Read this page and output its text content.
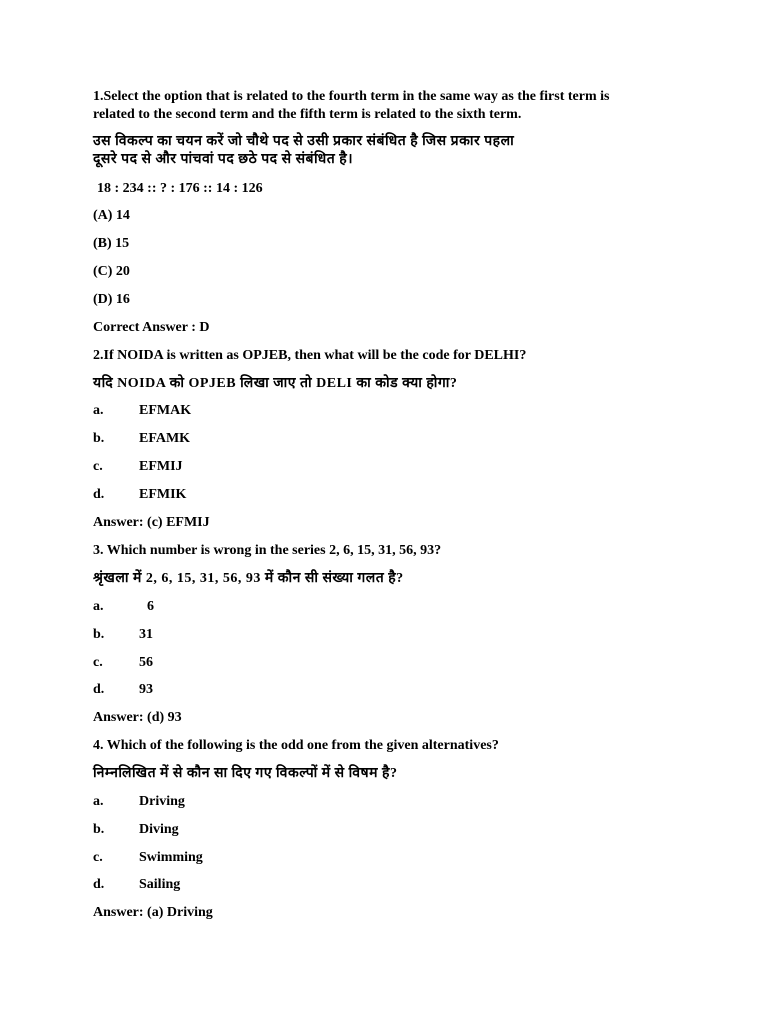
1.Select the option that is related to the fourth term in the same way as the first term is
related to the second term and the fifth term is related to the sixth term.
उस विकल्प का चयन करें जो चौथे पद से उसी प्रकार संबंधित है जिस प्रकार पहला
दूसरे पद से और पांचवां पद छठे पद से संबंधित है।
18 : 234 :: ? : 176 :: 14 : 126
(A) 14
(B) 15
(C) 20
(D) 16
Correct Answer : D
2.If NOIDA is written as OPJEB, then what will be the code for DELHI?
यदि NOIDA को OPJEB लिखा जाए तो DELI का कोड क्या होगा?
a.	EFMAK
b. EFAMK
c.	EFMIJ
d. EFMIK
Answer: (c) EFMIJ
3. Which number is wrong in the series 2, 6, 15, 31, 56, 93?
श्रृंखला में 2, 6, 15, 31, 56, 93 में कौन सी संख्या गलत है?
a.	6
b. 31
c.	56
d. 93
Answer: (d) 93
4. Which of the following is the odd one from the given alternatives?
निम्नलिखित में से कौन सा दिए गए विकल्पों में से विषम है?
a.	Driving
b. Diving
c.	Swimming
d. Sailing
Answer: (a) Driving
